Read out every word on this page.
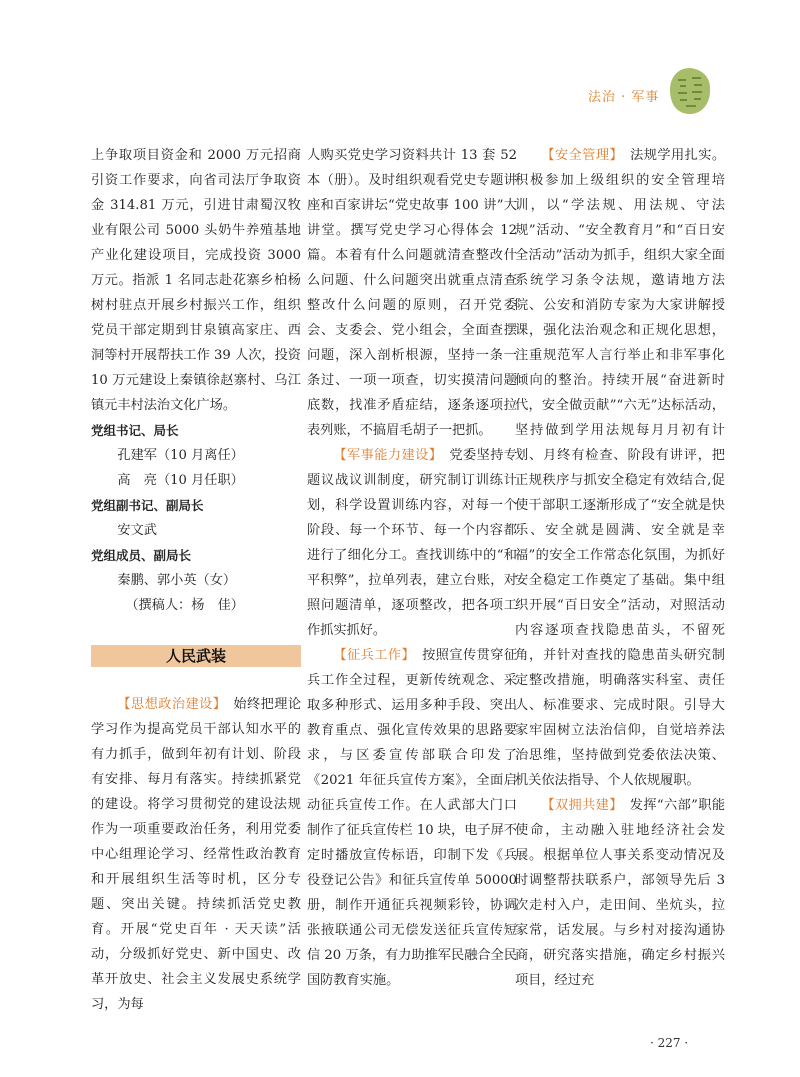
法治 · 军事

上争取项目资金和 2000 万元招商引资工作要求，向省司法厅争取资金 314.81 万元，引进甘肃蜀汉牧业有限公司 5000 头奶牛养殖基地产业化建设项目，完成投资 3000 万元。指派 1 名同志赴花寨乡柏杨树村驻点开展乡村振兴工作，组织党员干部定期到甘泉镇高家庄、西洞等村开展帮扶工作 39 人次，投资 10 万元建设上秦镇徐赵寨村、乌江镇元丰村法治文化广场。

党组书记、局长

孔建军（10 月离任）

高　亮（10 月任职）

党组副书记、副局长

安文武

党组成员、副局长

秦鹏、郭小英（女）

（撰稿人：杨　佳）

人民武装

【思想政治建设】　 始终把理论学习作为提高党员干部认知水平的有力抓手，做到年初有计划、阶段有安排、每月有落实。持续抓紧党的建设。将学习贯彻党的建设法规作为一项重要政治任务，利用党委中心组理论学习、经常性政治教育和开展组织生活等时机，区分专题、突出关键。持续抓活党史教育。开展“党史百年 · 天天读”活动，分级抓好党史、新中国史、改革开放史、社会主义发展史系统学习，为每

人购买党史学习资料共计 13 套 52 本（册）。及时组织观看党史专题讲座和百家讲坛“党史故事 100 讲”大讲堂。撰写党史学习心得体会 12 篇。本着有什么问题就清查整改什么问题、什么问题突出就重点清查整改什么问题的原则，召开党委会、支委会、党小组会，全面查摆问题，深入剖析根源，坚持一条一条过、一项一项查，切实摸清问题底数，找准矛盾症结，逐条逐项拉表列账，不搞眉毛胡子一把抓。

【军事能力建设】　 党委坚持专题议战议训制度，研究制订训练计划，科学设置训练内容，对每一个阶段、每一个环节、每一个内容都进行了细化分工。查找训练中的“和平积弊”，拉单列表，建立台账，对照问题清单，逐项整改，把各项工作抓实抓好。

【征兵工作】　 按照宣传贯穿征兵工作全过程，更新传统观念、采取多种形式、运用多种手段、突出教育重点、强化宣传效果的思路要求，与区委宣传部联合印发了《2021 年征兵宣传方案》，全面启动征兵宣传工作。在人武部大门口制作了征兵宣传栏 10 块，电子屏不定时播放宣传标语，印制下发《兵役登记公告》和征兵宣传单 50000 册，制作开通征兵视频彩铃，协调张掖联通公司无偿发送征兵宣传短信 20 万条，有力助推军民融合全民国防教育实施。

【安全管理】　 法规学用扎实。积极参加上级组织的安全管理培训，以“学法规、用法规、守法规”活动、“安全教育月”和“百日安全活动”活动为抓手，组织大家全面系统学习条令法规，邀请地方法院、公安和消防专家为大家讲解授课，强化法治观念和正规化思想，注重规范军人言行举止和非军事化倾向的整治。持续开展“奋进新时代，安全做贡献”“六无”达标活动，坚持做到学用法规每月月初有计划、月终有检查、阶段有讲评，把正规秩序与抓安全稳定有效结合,促使干部职工逐渐形成了“安全就是快乐、安全就是圆满、安全就是幸福”的安全工作常态化氛围，为抓好安全稳定工作奠定了基础。集中组织开展“百日安全”活动，对照活动内容逐项查找隐患苗头，不留死角，并针对查找的隐患苗头研究制定整改措施，明确落实科室、责任人、标准要求、完成时限。引导大家牢固树立法治信仰，自觉培养法治思维，坚持做到党委依法决策、机关依法指导、个人依规履职。

【双拥共建】　 发挥“六部”职能使命，主动融入驻地经济社会发展。根据单位人事关系变动情况及时调整帮扶联系户，部领导先后 3 次走村入户，走田间、坐炕头，拉家常，话发展。与乡村对接沟通协商，研究落实措施，确定乡村振兴项目，经过充

· 227 ·
